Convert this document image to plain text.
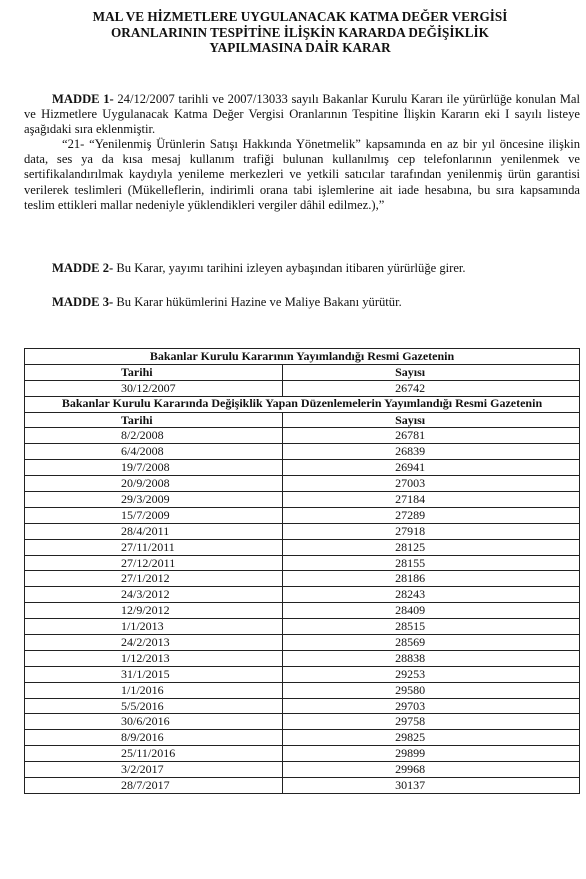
MAL VE HİZMETLERE UYGULANACAK KATMA DEĞER VERGİSİ
ORANLARININ TESPİTİNE İLİŞKİN KARARDA DEĞİŞİKLİK
YAPILMASINA DAİR KARAR
MADDE 1- 24/12/2007 tarihli ve 2007/13033 sayılı Bakanlar Kurulu Kararı ile yürürlüğe konulan Mal ve Hizmetlere Uygulanacak Katma Değer Vergisi Oranlarının Tespitine İlişkin Kararın eki I sayılı listeye aşağıdaki sıra eklenmiştir.
“21- “Yenilenmiş Ürünlerin Satışı Hakkında Yönetmelik” kapsamında en az bir yıl öncesine ilişkin data, ses ya da kısa mesaj kullanım trafiği bulunan kullanılmış cep telefonlarının yenilenmek ve sertifikalandırılmak kaydıyla yenileme merkezleri ve yetkili satıcılar tarafından yenilenmiş ürün garantisi verilerek teslimleri (Mükelleflerin, indirimli orana tabi işlemlerine ait iade hesabına, bu sıra kapsamında teslim ettikleri mallar nedeniyle yüklendikleri vergiler dâhil edilmez.),”
MADDE 2- Bu Karar, yayımı tarihini izleyen aybaşından itibaren yürürlüğe girer.
MADDE 3- Bu Karar hükümlerini Hazine ve Maliye Bakanı yürütür.
Bakanlar Kurulu Kararının Yayımlandığı Resmi Gazetenin	
Tarihi	Sayısı
30/12/2007	26742
Bakanlar Kurulu Kararında Değişiklik Yapan Düzenlemelerin Yayımlandığı Resmi Gazetenin	
Tarihi	Sayısı
8/2/2008	26781
6/4/2008	26839
19/7/2008	26941
20/9/2008	27003
29/3/2009	27184
15/7/2009	27289
28/4/2011	27918
27/11/2011	28125
27/12/2011	28155
27/1/2012	28186
24/3/2012	28243
12/9/2012	28409
1/1/2013	28515
24/2/2013	28569
1/12/2013	28838
31/1/2015	29253
1/1/2016	29580
5/5/2016	29703
30/6/2016	29758
8/9/2016	29825
25/11/2016	29899
3/2/2017	29968
28/7/2017	30137
